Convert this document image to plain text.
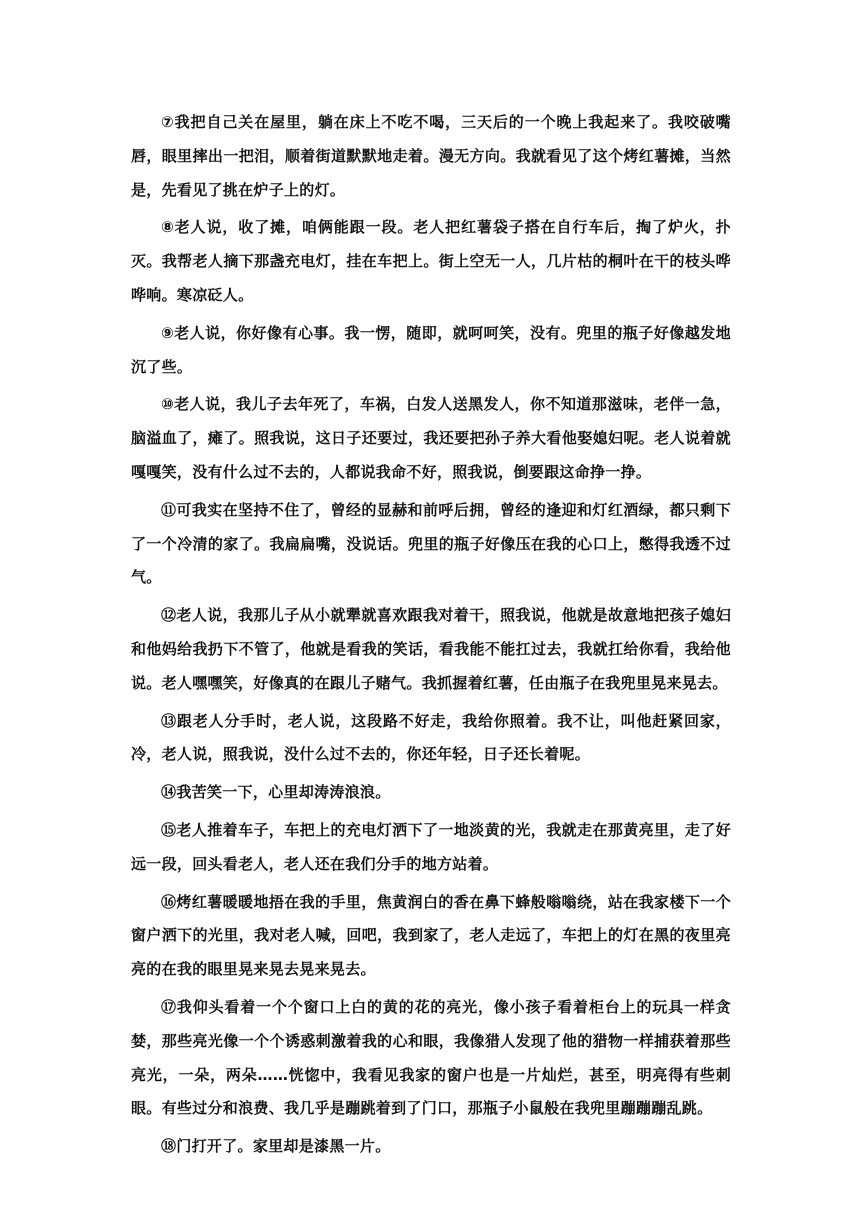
⑦我把自己关在屋里，躺在床上不吃不喝，三天后的一个晚上我起来了。我咬破嘴唇，眼里摔出一把泪，顺着街道默默地走着。漫无方向。我就看见了这个烤红薯摊，当然是，先看见了挑在炉子上的灯。

⑧老人说，收了摊，咱俩能跟一段。老人把红薯袋子搭在自行车后，掏了炉火，扑灭。我帮老人摘下那盏充电灯，挂在车把上。街上空无一人，几片枯的桐叶在干的枝头哗哗响。寒凉砭人。

⑨老人说，你好像有心事。我一愣，随即，就呵呵笑，没有。兜里的瓶子好像越发地沉了些。

⑩老人说，我儿子去年死了，车祸，白发人送黑发人，你不知道那滋味，老伴一急，脑溢血了，瘫了。照我说，这日子还要过，我还要把孙子养大看他娶媳妇呢。老人说着就嘎嘎笑，没有什么过不去的，人都说我命不好，照我说，倒要跟这命挣一挣。

⑪可我实在坚持不住了，曾经的显赫和前呼后拥，曾经的逢迎和灯红酒绿，都只剩下了一个冷清的家了。我扁扁嘴，没说话。兜里的瓶子好像压在我的心口上，憋得我透不过气。

⑫老人说，我那儿子从小就犟就喜欢跟我对着干，照我说，他就是故意地把孩子媳妇和他妈给我扔下不管了，他就是看我的笑话，看我能不能扛过去，我就扛给你看，我给他说。老人嘿嘿笑，好像真的在跟儿子赌气。我抓握着红薯，任由瓶子在我兜里晃来晃去。

⑬跟老人分手时，老人说，这段路不好走，我给你照着。我不让，叫他赶紧回家，冷，老人说，照我说，没什么过不去的，你还年轻，日子还长着呢。

⑭我苦笑一下，心里却涛涛浪浪。

⑮老人推着车子，车把上的充电灯洒下了一地淡黄的光，我就走在那黄亮里，走了好远一段，回头看老人，老人还在我们分手的地方站着。

⑯烤红薯暖暖地捂在我的手里，焦黄润白的香在鼻下蜂般嗡嗡绕，站在我家楼下一个窗户洒下的光里，我对老人喊，回吧，我到家了，老人走远了，车把上的灯在黑的夜里亮亮的在我的眼里晃来晃去晃来晃去。

⑰我仰头看着一个个窗口上白的黄的花的亮光，像小孩子看着柜台上的玩具一样贪婪，那些亮光像一个个诱惑刺激着我的心和眼，我像猎人发现了他的猎物一样捕获着那些亮光，一朵，两朵……恍惚中，我看见我家的窗户也是一片灿烂，甚至，明亮得有些刺眼。有些过分和浪费、我几乎是蹦跳着到了门口，那瓶子小鼠般在我兜里蹦蹦蹦乱跳。

⑱门打开了。家里却是漆黑一片。
